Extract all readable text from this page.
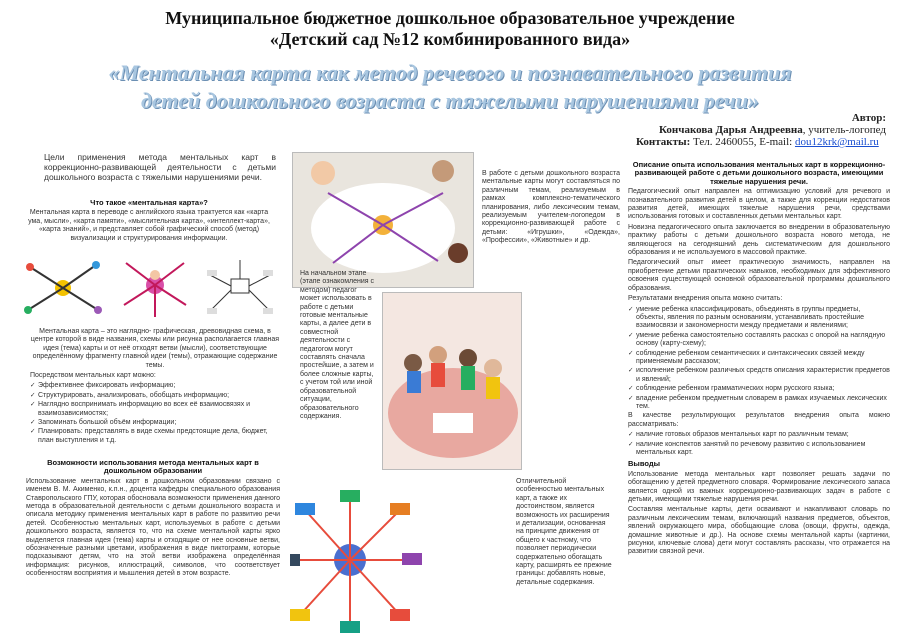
Муниципальное бюджетное дошкольное образовательное учреждение
«Детский сад №12 комбинированного вида»
«Ментальная карта как метод речевого и познавательного развития
детей дошкольного возраста с тяжелыми нарушениями речи»
Автор:
Кончакова Дарья Андреевна, учитель-логопед
Контакты: Тел. 2460055, E-mail: dou12krk@mail.ru
Цели применения метода ментальных карт в коррекционно-развивающей деятельности с детьми дошкольного возраста с тяжелыми нарушениями речи.
Что такое «ментальная карта»?

Ментальная карта в переводе с английского языка трактуется как «карта ума, мысли», «карта памяти», «мыслительная карта», «интеллект-карта», «карта знаний», и представляет собой графический способ (метод) визуализации и структурирования информации.

Ментальная карта – это наглядно- графическая, древовидная схема, в центре которой в виде названия, схемы или рисунка располагается главная идея (тема) карты и от неё отходят ветви (мысли), соответствующие определённому фрагменту главной идеи (темы), отражающие содержание темы.

Посредством ментальных карт можно:

✓ Эффективнее фиксировать информацию;
✓ Структурировать, анализировать, обобщать информацию;
✓ Наглядно воспринимать информацию во всех её взаимосвязях и взаимозависимостях;
✓ Запоминать большой объём информации;
✓ Планировать: представлять в виде схемы предстоящие дела, бюджет, план выступления и т.д.
Возможности использования метода ментальных карт в дошкольном образовании

Использование ментальных карт в дошкольном образовании связано с именем В. М. Акименко, к.п.н., доцента кафедры специального образования Ставропольского ГПУ, которая обосновала возможности применения данного метода в образовательной деятельности с детьми дошкольного возраста и описала методику применения ментальных карт в работе по развитию речи детей. Особенностью ментальных карт, используемых в работе с детьми дошкольного возраста, является то, что на схеме ментальной карты ярко выделяется главная идея (тема) карты и отходящие от нее основные ветви, обозначенные разными цветами, изображения в виде пиктограмм, которые подсказывают детям, что на этой ветви изображена определённая информация: рисунков, иллюстраций, символов, что соответствует особенностям восприятия и мышления детей в этом возрасте.

В работе с детьми дошкольного возраста ментальные карты могут составляться по различным темам, реализуемым в рамках комплексно-тематического планирования, либо лексическим темам, реализуемым учителем-логопедом в коррекционно-развивающей работе с детьми: «Игрушки», «Одежда», «Профессии», «Животные» и др.

На начальном этапе (этапе ознакомления с методом) педагог может использовать в работе с детьми готовые ментальные карты, а далее дети в совместной деятельности с педагогом могут составлять сначала простейшие, а затем и более сложные карты, с учетом той или иной образовательной ситуации, образовательного содержания.

Отличительной особенностью ментальных карт, а также их достоинством, является возможность их расширения и детализации, основанная на принципе движения от общего к частному, что позволяет периодически содержательно обогащать карту, расширять ее прежние границы: добавлять новые, детальные содержания.

Описание опыта использования ментальных карт в коррекционно-развивающей работе с детьми дошкольного возраста, имеющими тяжелые нарушения речи.

Педагогический опыт направлен на оптимизацию условий для речевого и познавательного развития детей в целом, а также для коррекции недостатков развития детей, имеющих тяжелые нарушения речи, средствами использования готовых и составленных детьми ментальных карт.

Новизна педагогического опыта заключается во внедрении в образовательную практику работы с детьми дошкольного возраста нового метода, не являющегося на сегодняшний день систематическим для дошкольного образования и не используемого в массовой практике.

Педагогический опыт имеет практическую значимость, направлен на приобретение детьми практических навыков, необходимых для эффективного освоения существующей основной образовательной программы дошкольного образования.

Результатами внедрения опыта можно считать:

✓ умение ребенка классифицировать, объединять в группы предметы, объекты, явления по разным основаниям, устанавливать простейшие взаимосвязи и закономерности между предметами и явлениями;
✓ умение ребенка самостоятельно составлять рассказ с опорой на наглядную основу (карту-схему);
✓ соблюдение ребенком семантических и синтаксических связей между применяемым рассказом;
✓ исполнение ребенком различных средств описания характеристик предметов и явлений;
✓ соблюдение ребенком грамматических норм русского языка;
✓ владение ребенком предметным словарем в рамках изучаемых лексических тем.

В качестве результирующих результатов внедрения опыта можно рассматривать:

✓ наличие готовых образов ментальных карт по различным темам;
✓ наличие конспектов занятий по речевому развитию с использованием ментальных карт.
Выводы

Использование метода ментальных карт позволяет решать задачи по обогащению у детей предметного словаря. Формирование лексического запаса является одной из важных коррекционно-развивающих задач в работе с детьми, имеющими тяжелые нарушения речи.

Составляя ментальные карты, дети осваивают и накапливают словарь по различным лексическим темам, включающий названия предметов, объектов, явлений окружающего мира, обобщающие слова (овощи, фрукты, одежда, домашние животные и др.). На основе схемы ментальной карты (картинки, рисунки, ключевые слова) дети могут составлять рассказы, что отражается на развитии связной речи.
